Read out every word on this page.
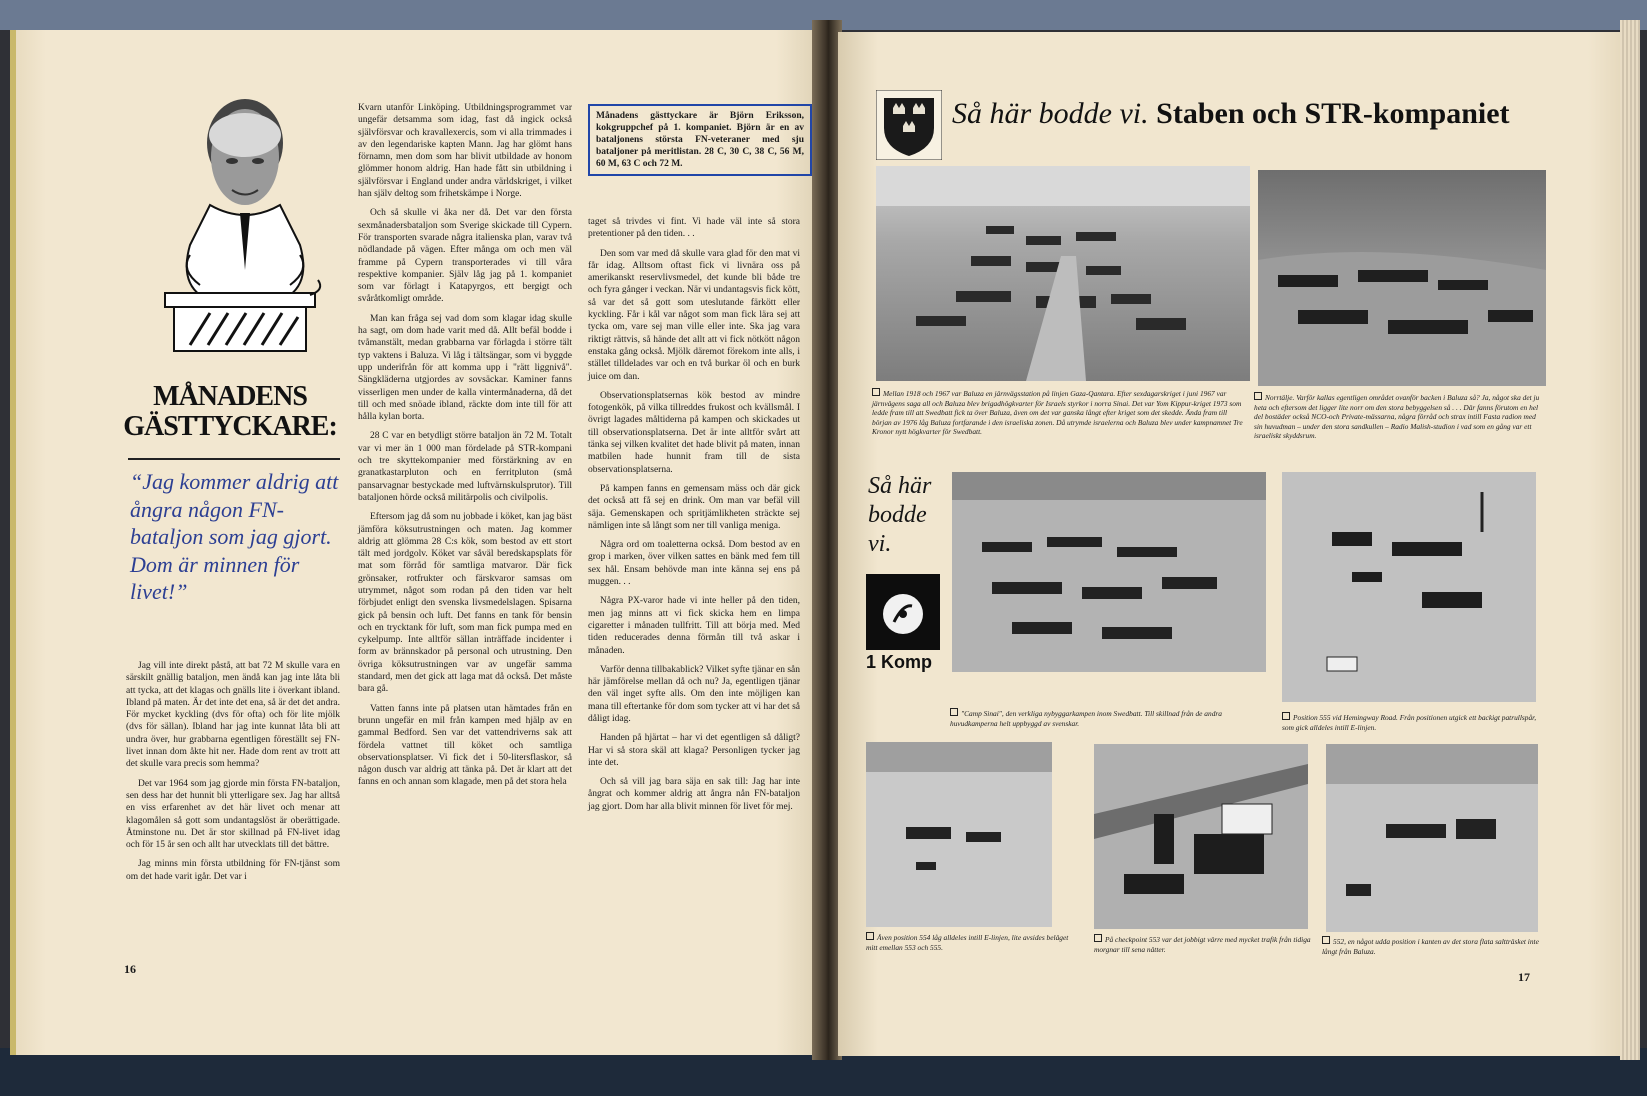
MÅNADENS GÄSTTYCKARE:
“Jag kommer aldrig att ångra någon FN-bataljon som jag gjort. Dom är minnen för livet!”

Jag vill inte direkt påstå, att bat 72 M skulle vara en särskilt gnällig bataljon, men ändå kan jag inte låta bli att tycka, att det klagas och gnälls lite i överkant ibland. Ibland på maten. Är det inte det ena, så är det det andra. För mycket kyckling (dvs för ofta) och för lite mjölk (dvs för sällan). Ibland har jag inte kunnat låta bli att undra över, hur grabbarna egentligen föreställt sej FN-livet innan dom åkte hit ner. Hade dom rent av trott att det skulle vara precis som hemma?

Det var 1964 som jag gjorde min första FN-bataljon, sen dess har det hunnit bli ytterligare sex. Jag har alltså en viss erfarenhet av det här livet och menar att klagomålen så gott som undantagslöst är oberättigade. Åtminstone nu. Det är stor skillnad på FN-livet idag och för 15 år sen och allt har utvecklats till det bättre.

Jag minns min första utbildning för FN-tjänst som om det hade varit igår. Det var i

Kvarn utanför Linköping. Utbildningsprogrammet var ungefär detsamma som idag, fast då ingick också självförsvar och kravallexercis, som vi alla trimmades i av den legendariske kapten Mann. Jag har glömt hans förnamn, men dom som har blivit utbildade av honom glömmer honom aldrig. Han hade fått sin utbildning i självförsvar i England under andra världskriget, i vilket han själv deltog som frihetskämpe i Norge.

Och så skulle vi åka ner då. Det var den första sexmånadersbataljon som Sverige skickade till Cypern. För transporten svarade några italienska plan, varav två nödlandade på vägen. Efter många om och men väl framme på Cypern transporterades vi till våra respektive kompanier. Själv låg jag på 1. kompaniet som var förlagt i Katapyrgos, ett bergigt och svåråtkomligt område.

Man kan fråga sej vad dom som klagar idag skulle ha sagt, om dom hade varit med då. Allt befäl bodde i tvåmanstält, medan grabbarna var förlagda i större tält typ vaktens i Baluza. Vi låg i tältsängar, som vi byggde upp underifrån för att komma upp i "rätt liggnivå". Sängkläderna utgjordes av sovsäckar. Kaminer fanns visserligen men under de kalla vintermånaderna, då det till och med snöade ibland, räckte dom inte till för att hålla kylan borta.

28 C var en betydligt större bataljon än 72 M. Totalt var vi mer än 1 000 man fördelade på STR-kompani och tre skyttekompanier med förstärkning av en granatkastarpluton och en ferritpluton (små pansarvagnar bestyckade med luftvärnskulsprutor). Till bataljonen hörde också militärpolis och civilpolis.

Eftersom jag då som nu jobbade i köket, kan jag bäst jämföra köksutrustningen och maten. Jag kommer aldrig att glömma 28 C:s kök, som bestod av ett stort tält med jordgolv. Köket var såväl beredskapsplats för mat som förråd för samtliga matvaror. Där fick grönsaker, rotfrukter och färskvaror samsas om utrymmet, något som rodan på den tiden var helt förbjudet enligt den svenska livsmedelslagen. Spisarna gick på bensin och luft. Det fanns en tank för bensin och en trycktank för luft, som man fick pumpa med en cykelpump. Inte alltför sällan inträffade incidenter i form av brännskador på personal och utrustning. Den övriga köksutrustningen var av ungefär samma standard, men det gick att laga mat då också. Det måste bara gå.

Vatten fanns inte på platsen utan hämtades från en brunn ungefär en mil från kampen med hjälp av en gammal Bedford. Sen var det vattendriverns sak att fördela vattnet till köket och samtliga observationsplatser. Vi fick det i 50-litersflaskor, så någon dusch var aldrig att tänka på. Det är klart att det fanns en och annan som klagade, men på det stora hela

Månadens gästtyckare är Björn Eriksson, kokgruppchef på 1. kompaniet. Björn är en av bataljonens största FN-veteraner med sju bataljoner på meritlistan. 28 C, 30 C, 38 C, 56 M, 60 M, 63 C och 72 M.

taget så trivdes vi fint. Vi hade väl inte så stora pretentioner på den tiden. . .

Den som var med då skulle vara glad för den mat vi får idag. Alltsom oftast fick vi livnära oss på amerikanskt reservlivsmedel, det kunde bli både tre och fyra gånger i veckan. När vi undantagsvis fick kött, så var det så gott som uteslutande färkött eller kyckling. Får i kål var något som man fick lära sej att tycka om, vare sej man ville eller inte. Ska jag vara riktigt rättvis, så hände det allt att vi fick nötkött någon enstaka gång också. Mjölk däremot förekom inte alls, i stället tilldelades var och en två burkar öl och en burk juice om dan.

Observationsplatsernas kök bestod av mindre fotogenkök, på vilka tillreddes frukost och kvällsmål. I övrigt lagades måltiderna på kampen och skickades ut till observationsplatserna. Det är inte alltför svårt att tänka sej vilken kvalitet det hade blivit på maten, innan matbilen hade hunnit fram till de sista observationsplatserna.

På kampen fanns en gemensam mäss och där gick det också att få sej en drink. Om man var befäl vill säja. Gemenskapen och spritjämlikheten sträckte sej nämligen inte så långt som ner till vanliga meniga.

Några ord om toaletterna också. Dom bestod av en grop i marken, över vilken sattes en bänk med fem till sex hål. Ensam behövde man inte känna sej ens på muggen. . .

Några PX-varor hade vi inte heller på den tiden, men jag minns att vi fick skicka hem en limpa cigaretter i månaden tullfritt. Till att börja med. Med tiden reducerades denna förmån till två askar i månaden.

Varför denna tillbakablick? Vilket syfte tjänar en sån här jämförelse mellan då och nu? Ja, egentligen tjänar den väl inget syfte alls. Om den inte möjligen kan mana till eftertanke för dom som tycker att vi har det så dåligt idag.

Handen på hjärtat – har vi det egentligen så dåligt? Har vi så stora skäl att klaga? Personligen tycker jag inte det.

Och så vill jag bara säja en sak till: Jag har inte ångrat och kommer aldrig att ångra nån FN-bataljon jag gjort. Dom har alla blivit minnen för livet för mej.

16
Så här bodde vi. Staben och STR-kompaniet

Mellan 1918 och 1967 var Baluza en järnvägsstation på linjen Gaza-Qantara. Efter sexdagarskriget i juni 1967 var järnvägens saga all och Baluza blev brigadhögkvarter för Israels styrkor i norra Sinai. Det var Yom Kippur-kriget 1973 som ledde fram till att Swedbatt fick ta över Baluza, även om det var ganska långt efter kriget som det skedde. Ända fram till början av 1976 låg Baluza fortfarande i den israeliska zonen. Då utrymde israelerna och Baluza blev under kampnamnet Tre Kronor nytt högkvarter för Swedbatt.

Norrtälje. Varför kallas egentligen området ovanför backen i Baluza så? Ja, något ska det ju heta och eftersom det ligger lite norr om den stora bebyggelsen så . . . Där fanns förutom en hel del bostäder också NCO-och Private-mässarna, några förråd och strax intill Fasta radion med sin huvudman – under den stora sandkullen – Radio Malish-studion i vad som en gång var ett israeliskt skyddsrum.

Så här bodde vi.
1 Komp

"Camp Sinai", den verkliga nybyggarkampen inom Swedbatt. Till skillnad från de andra huvudkamperna helt uppbyggd av svenskar.

Position 555 vid Hemingway Road. Från positionen utgick ett backigt patrullspår, som gick alldeles intill E-linjen.

Även position 554 låg alldeles intill E-linjen, lite avsides beläget mitt emellan 553 och 555.

På checkpoint 553 var det jobbigt värre med mycket trafik från tidiga morgnar till sena nätter.

552, en något udda position i kanten av det stora flata saltträsket inte långt från Baluza.

17
